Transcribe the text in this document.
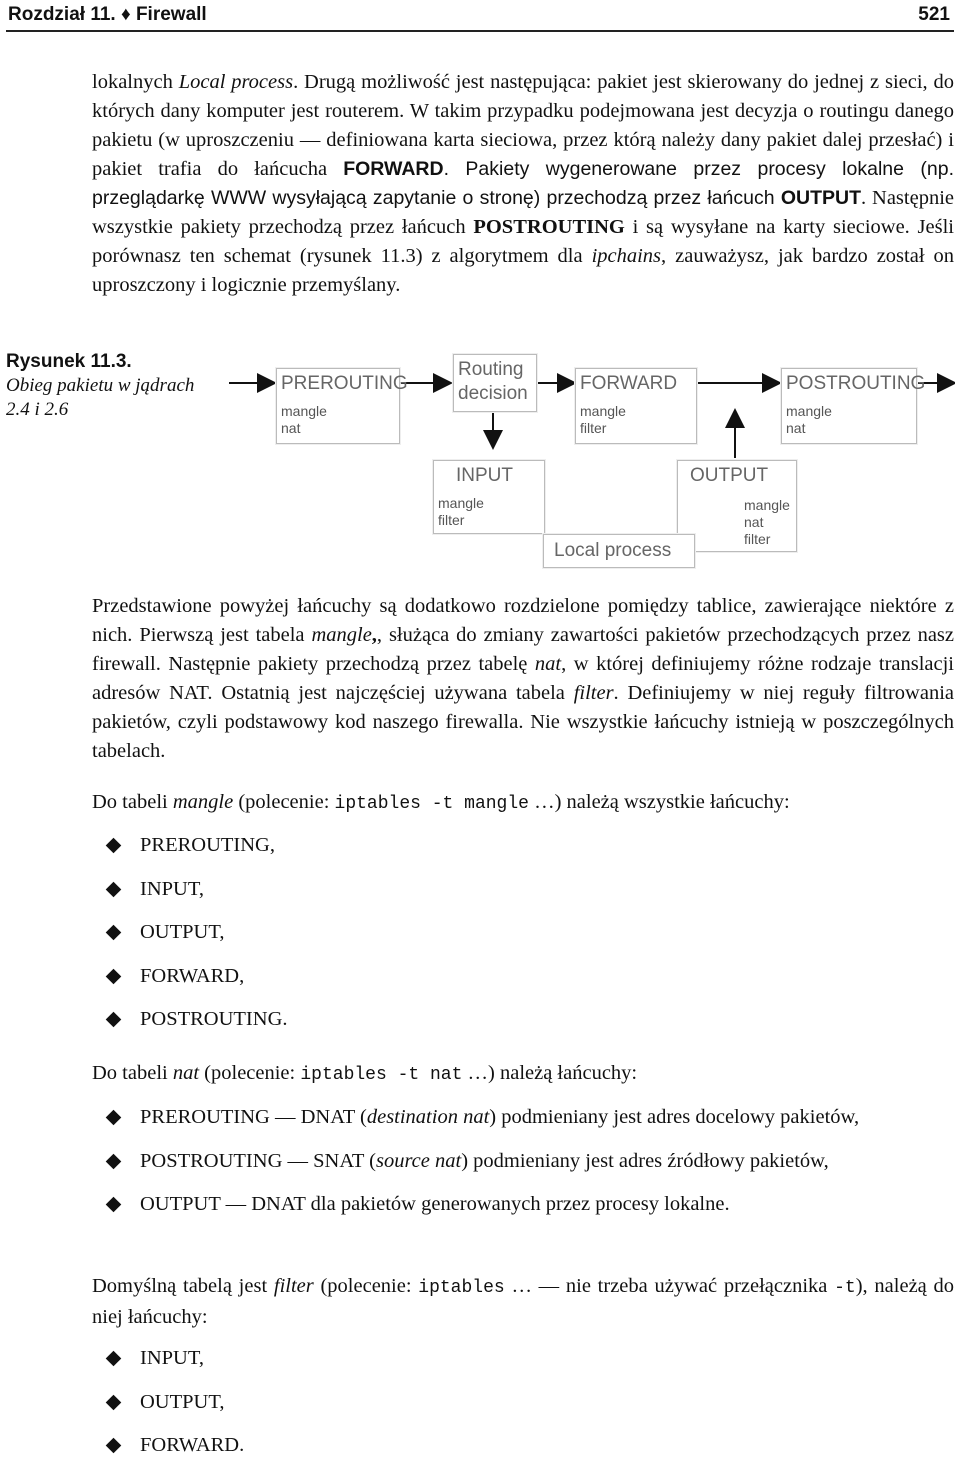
Rozdział 11. ♦ Firewall	521
lokalnych Local process. Drugą możliwość jest następująca: pakiet jest skierowany do jednej z sieci, do których dany komputer jest routerem. W takim przypadku podejmowana jest decyzja o routingu danego pakietu (w uproszczeniu — definiowana karta sieciowa, przez którą należy dany pakiet dalej przesłać) i pakiet trafia do łańcucha FORWARD. Pakiety wygenerowane przez procesy lokalne (np. przeglądarkę WWW wysyłającą zapytanie o stronę) przechodzą przez łańcuch OUTPUT. Następnie wszystkie pakiety przechodzą przez łańcuch POSTROUTING i są wysyłane na karty sieciowe. Jeśli porównasz ten schemat (rysunek 11.3) z algorytmem dla ipchains, zauważysz, jak bardzo został on uproszczony i logicznie przemyślany.
Rysunek 11.3.
Obieg pakietu w jądrach 2.4 i 2.6
PREROUTING
mangle
nat
Routing
decision	FORWARD
mangle
filter
POSTROUTING
mangle
nat
INPUT
mangle
filter
OUTPUT
mangle
nat
filter
Local process
Przedstawione powyżej łańcuchy są dodatkowo rozdzielone pomiędzy tablice, zawierające niektóre z nich. Pierwszą jest tabela mangle,, służąca do zmiany zawartości pakietów przechodzących przez nasz firewall. Następnie pakiety przechodzą przez tabelę nat, w której definiujemy różne rodzaje translacji adresów NAT. Ostatnią jest najczęściej używana tabela filter. Definiujemy w niej reguły filtrowania pakietów, czyli podstawowy kod naszego firewalla. Nie wszystkie łańcuchy istnieją w poszczególnych tabelach.
Do tabeli mangle (polecenie: iptables -t mangle …) należą wszystkie łańcuchy:
PREROUTING,
INPUT,
OUTPUT,
FORWARD,
POSTROUTING.
Do tabeli nat (polecenie: iptables -t nat …) należą łańcuchy:
PREROUTING — DNAT (destination nat) podmieniany jest adres docelowy pakietów,
POSTROUTING — SNAT (source nat) podmieniany jest adres źródłowy pakietów,
OUTPUT — DNAT dla pakietów generowanych przez procesy lokalne.
Domyślną tabelą jest filter (polecenie: iptables … — nie trzeba używać przełącznika -t), należą do niej łańcuchy:
INPUT,
OUTPUT,
FORWARD.
